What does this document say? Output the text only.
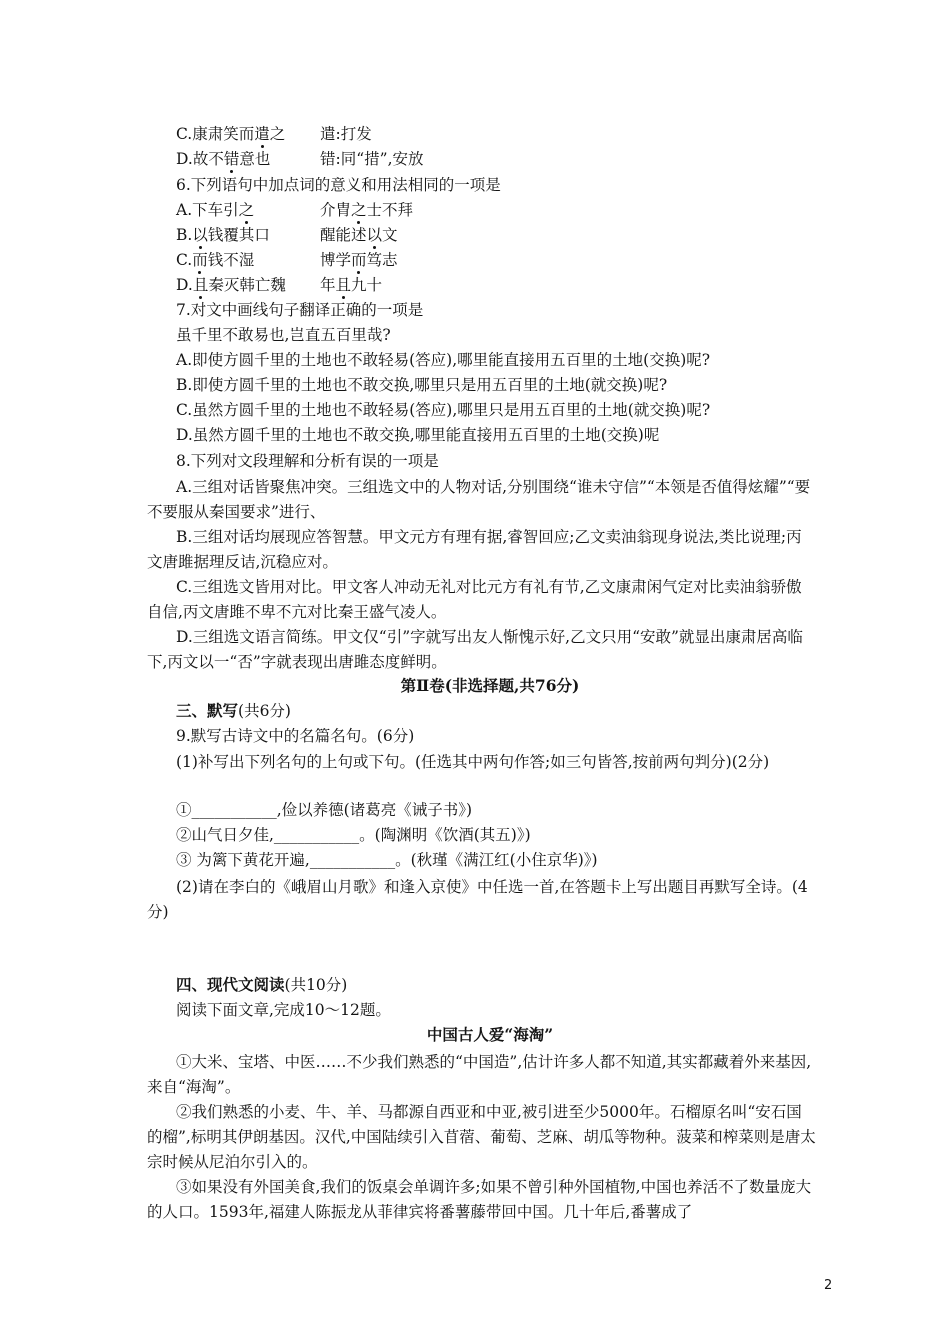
C.康肃笑而遣之 遣:打发
D.故不错意也	错:同“措”,安放
6.下列语句中加点词的意义和用法相同的一项是
A.下车引之	介胄之士不拜
B.以钱覆其口	醒能述以文
C.而钱不湿	博学而笃志
D.且秦灭韩亡魏 年且九十
7.对文中画线句子翻译正确的一项是
虽千里不敢易也,岂直五百里哉?
A.即使方圆千里的土地也不敢轻易(答应),哪里能直接用五百里的土地(交换)呢?
B.即使方圆千里的土地也不敢交换,哪里只是用五百里的土地(就交换)呢?
C.虽然方圆千里的土地也不敢轻易(答应),哪里只是用五百里的土地(就交换)呢?
D.虽然方圆千里的土地也不敢交换,哪里能直接用五百里的土地(交换)呢
8.下列对文段理解和分析有误的一项是
A.三组对话皆聚焦冲突。三组选文中的人物对话,分别围绕“谁未守信”“本领是否值得炫耀”“要不要服从秦国要求”进行、
B.三组对话均展现应答智慧。甲文元方有理有据,睿智回应;乙文卖油翁现身说法,类比说理;丙文唐雎据理反诘,沉稳应对。
C.三组选文皆用对比。甲文客人冲动无礼对比元方有礼有节,乙文康肃闲气定对比卖油翁骄傲自信,丙文唐雎不卑不亢对比秦王盛气凌人。
D.三组选文语言简练。甲文仅“引”字就写出友人惭愧示好,乙文只用“安敢”就显出康肃居高临下,丙文以一“否”字就表现出唐雎态度鲜明。
第Ⅱ卷(非选择题,共76分)
三、默写(共6分)
9.默写古诗文中的名篇名句。(6分)
(1)补写出下列名句的上句或下句。(任选其中两句作答;如三句皆答,按前两句判分)(2分)
①___________,俭以养德(诸葛亮《诫子书》)
②山气日夕佳,___________。(陶渊明《饮酒(其五)》)
③ 为篱下黄花开遍,___________。(秋瑾《满江红(小住京华)》)
(2)请在李白的《峨眉山月歌》和逢入京使》中任选一首,在答题卡上写出题目再默写全诗。(4分)
四、现代文阅读(共10分)
阅读下面文章,完成10～12题。
中国古人爱“海淘”
①大米、宝塔、中医……不少我们熟悉的“中国造”,估计许多人都不知道,其实都藏着外来基因,来自“海淘”。
②我们熟悉的小麦、牛、羊、马都源自西亚和中亚,被引进至少5000年。石榴原名叫“安石国的榴”,标明其伊朗基因。汉代,中国陆续引入苜蓿、葡萄、芝麻、胡瓜等物种。菠菜和榨菜则是唐太宗时候从尼泊尔引入的。
③如果没有外国美食,我们的饭桌会单调许多;如果不曾引种外国植物,中国也养活不了数量庞大的人口。1593年,福建人陈振龙从菲律宾将番薯藤带回中国。几十年后,番薯成了
2
